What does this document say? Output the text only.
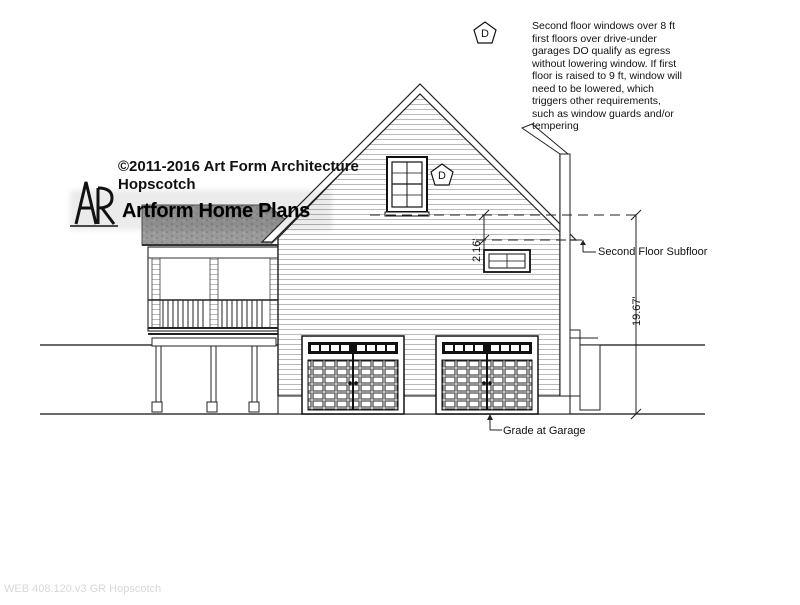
2.16'
19.67'
D
D
Second floor windows over 8 ft
first floors over drive-under
garages DO qualify as egress
without lowering window. If first
floor is raised to 9 ft, window will
need to be lowered, which
triggers other requirements,
such as window guards and/or
tempering
©2011-2016 Art Form Architecture
Hopscotch
Artform Home Plans
Second Floor Subfloor
Grade at Garage
WEB 408.120.v3 GR Hopscotch
